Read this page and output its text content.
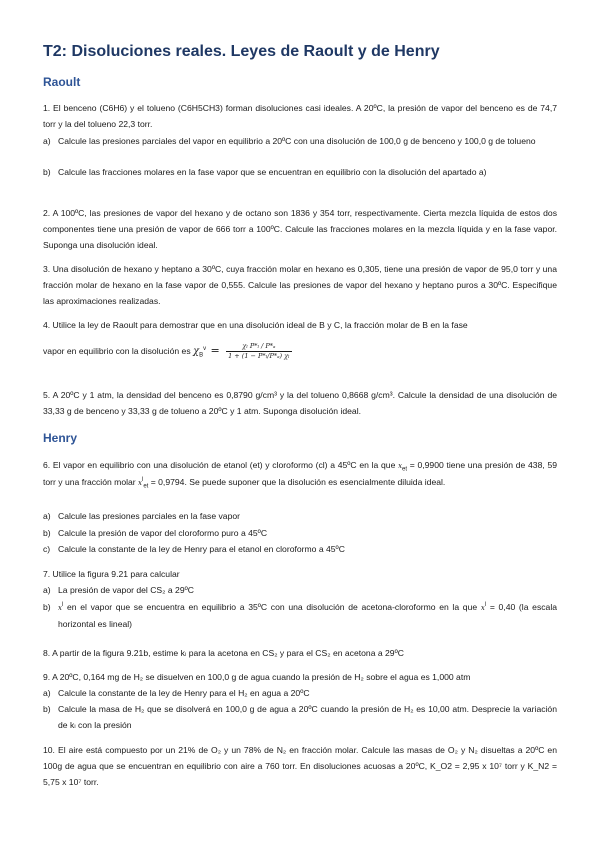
T2: Disoluciones reales. Leyes de Raoult y de Henry
Raoult
1. El benceno (C6H6) y el tolueno (C6H5CH3) forman disoluciones casi ideales. A 20ºC, la presión de vapor del benceno es de 74,7 torr y la del tolueno 22,3 torr.
a) Calcule las presiones parciales del vapor en equilibrio a 20ºC con una disolución de 100,0 g de benceno y 100,0 g de tolueno
b) Calcule las fracciones molares en la fase vapor que se encuentran en equilibrio con la disolución del apartado a)
2. A 100ºC, las presiones de vapor del hexano y de octano son 1836 y 354 torr, respectivamente. Cierta mezcla líquida de estos dos componentes tiene una presión de vapor de 666 torr a 100ºC. Calcule las fracciones molares en la mezcla líquida y en la fase vapor. Suponga una disolución ideal.
3. Una disolución de hexano y heptano a 30ºC, cuya fracción molar en hexano es 0,305, tiene una presión de vapor de 95,0 torr y una fracción molar de hexano en la fase vapor de 0,555. Calcule las presiones de vapor del hexano y heptano puros a 30ºC. Especifique las aproximaciones realizadas.
4. Utilice la ley de Raoult para demostrar que en una disolución ideal de B y C, la fracción molar de B en la fase
vapor en equilibrio con la disolución es $\chi_B^v = \frac{\text{χₗ P*ₗ / P*ₐ}}{\text{1 + (1 − P*ₗ/P*ₐ) χₗ}}$
5. A 20ºC y 1 atm, la densidad del benceno es 0,8790 g/cm³ y la del tolueno 0,8668 g/cm³. Calcule la densidad de una disolución de 33,33 g de benceno y 33,33 g de tolueno a 20ºC y 1 atm. Suponga disolución ideal.
Henry
6. El vapor en equilibrio con una disolución de etanol (et) y cloroformo (cl) a 45ºC en la que $x_{et} = 0,9900$ tiene una presión de 438, 59 torr y una fracción molar $x^l_{et} = 0,9794$. Se puede suponer que la disolución es esencialmente diluida ideal.
a) Calcule las presiones parciales en la fase vapor
b) Calcule la presión de vapor del cloroformo puro a 45ºC
c) Calcule la constante de la ley de Henry para el etanol en cloroformo a 45ºC
7. Utilice la figura 9.21 para calcular
a) La presión de vapor del CS₂ a 29ºC
b) $x^l$ en el vapor que se encuentra en equilibrio a 35ºC con una disolución de acetona-cloroformo en la que $x^l = 0,40$ (la escala horizontal es lineal)
8. A partir de la figura 9.21b, estime kₗ para la acetona en CS₂ y para el CS₂ en acetona a 29ºC
9. A 20ºC, 0,164 mg de H₂ se disuelven en 100,0 g de agua cuando la presión de H₂ sobre el agua es 1,000 atm
a) Calcule la constante de la ley de Henry para el H₂ en agua a 20ºC
b) Calcule la masa de H₂ que se disolverá en 100,0 g de agua a 20ºC cuando la presión de H₂ es 10,00 atm. Desprecie la variación de kₗ con la presión
10. El aire está compuesto por un 21% de O₂ y un 78% de N₂ en fracción molar. Calcule las masas de O₂ y N₂ disueltas a 20ºC en 100g de agua que se encuentran en equilibrio con aire a 760 torr. En disoluciones acuosas a 20ºC, K_O2 = 2,95 x 10⁷ torr y K_N2 = 5,75 x 10⁷ torr.
